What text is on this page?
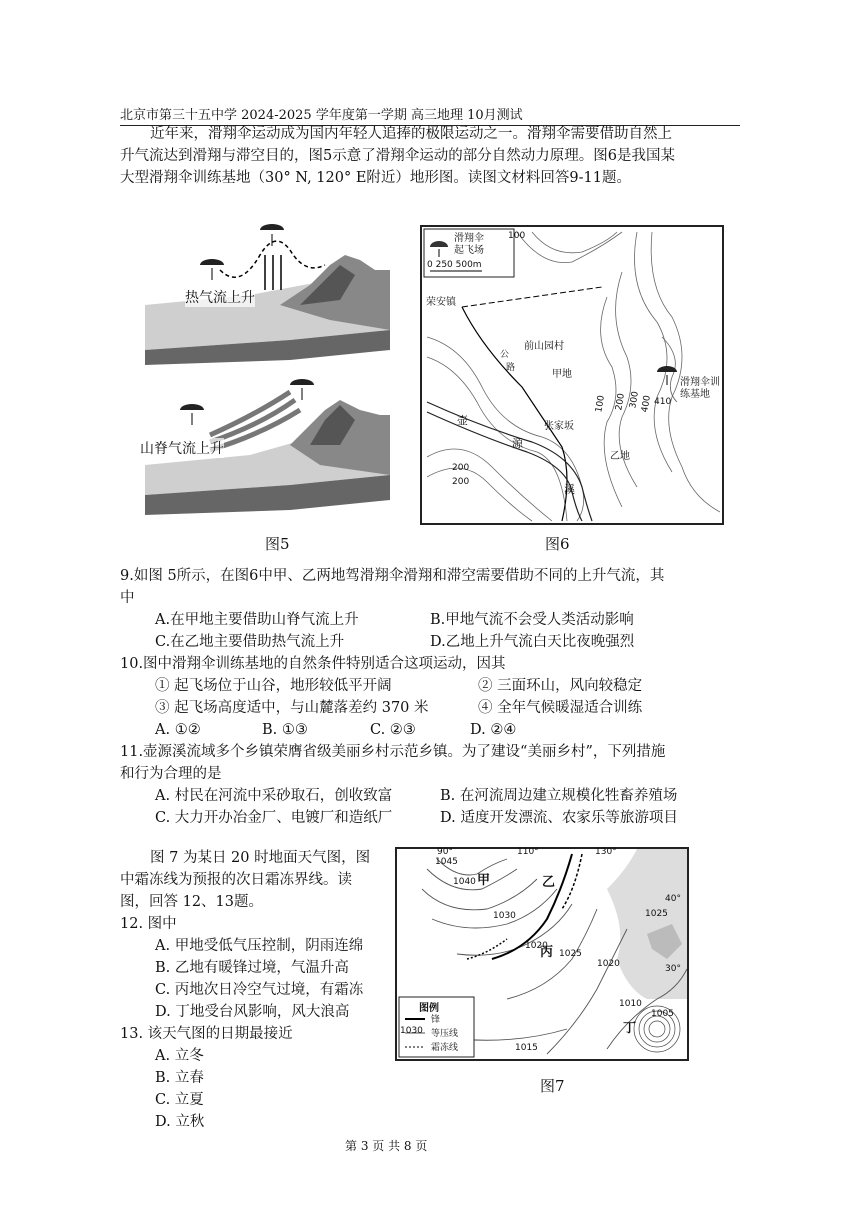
北京市第三十五中学 2024-2025 学年度第一学期 高三地理 10月测试
近年来，滑翔伞运动成为国内年轻人追捧的极限运动之一。滑翔伞需要借助自然上
升气流达到滑翔与滞空目的，图5示意了滑翔伞运动的部分自然动力原理。图6是我国某
大型滑翔伞训练基地（30° N, 120° E附近）地形图。读图文材料回答9-11题。
热气流上升
山脊气流上升
图5
滑翔伞
起飞场
0 250 500m
荣安镇
前山园村
甲地
张家坂
乙地
滑翔伞训
练基地
壶
源
溪
公
路
100
200
100 200 300 400 410
200
图6
9.如图 5所示，在图6中甲、乙两地驾滑翔伞滑翔和滞空需要借助不同的上升气流，其
中
A.在甲地主要借助山脊气流上升	B.甲地气流不会受人类活动影响
C.在乙地主要借助热气流上升	D.乙地上升气流白天比夜晚强烈
10.图中滑翔伞训练基地的自然条件特别适合这项运动，因其
① 起飞场位于山谷，地形较低平开阔	② 三面环山，风向较稳定
③ 起飞场高度适中，与山麓落差约 370 米	④ 全年气候暖湿适合训练
A. ①②	B. ①③	C. ②③	D. ②④
11.壶源溪流域多个乡镇荣膺省级美丽乡村示范乡镇。为了建设“美丽乡村”，下列措施
和行为合理的是
A. 村民在河流中采砂取石，创收致富	B. 在河流周边建立规模化牲畜养殖场
C. 大力开办冶金厂、电镀厂和造纸厂	D. 适度开发漂流、农家乐等旅游项目
图 7 为某日 20 时地面天气图，图
中霜冻线为预报的次日霜冻界线。读
图，回答 12、13题。
12. 图中
A. 甲地受低气压控制，阴雨连绵
B. 乙地有暖锋过境，气温升高
C. 丙地次日冷空气过境，有霜冻
D. 丁地受台风影响，风大浪高
13. 该天气图的日期最接近
A. 立冬
B. 立春
C. 立夏
D. 立秋
90°	110°	130°
40°
30°
1045
1040
1030	1025
1020
1025
1020
1010
1015
1005
甲	乙
丙
丁
图例
锋
1030 等压线
霜冻线
图7
第 3 页 共 8 页
